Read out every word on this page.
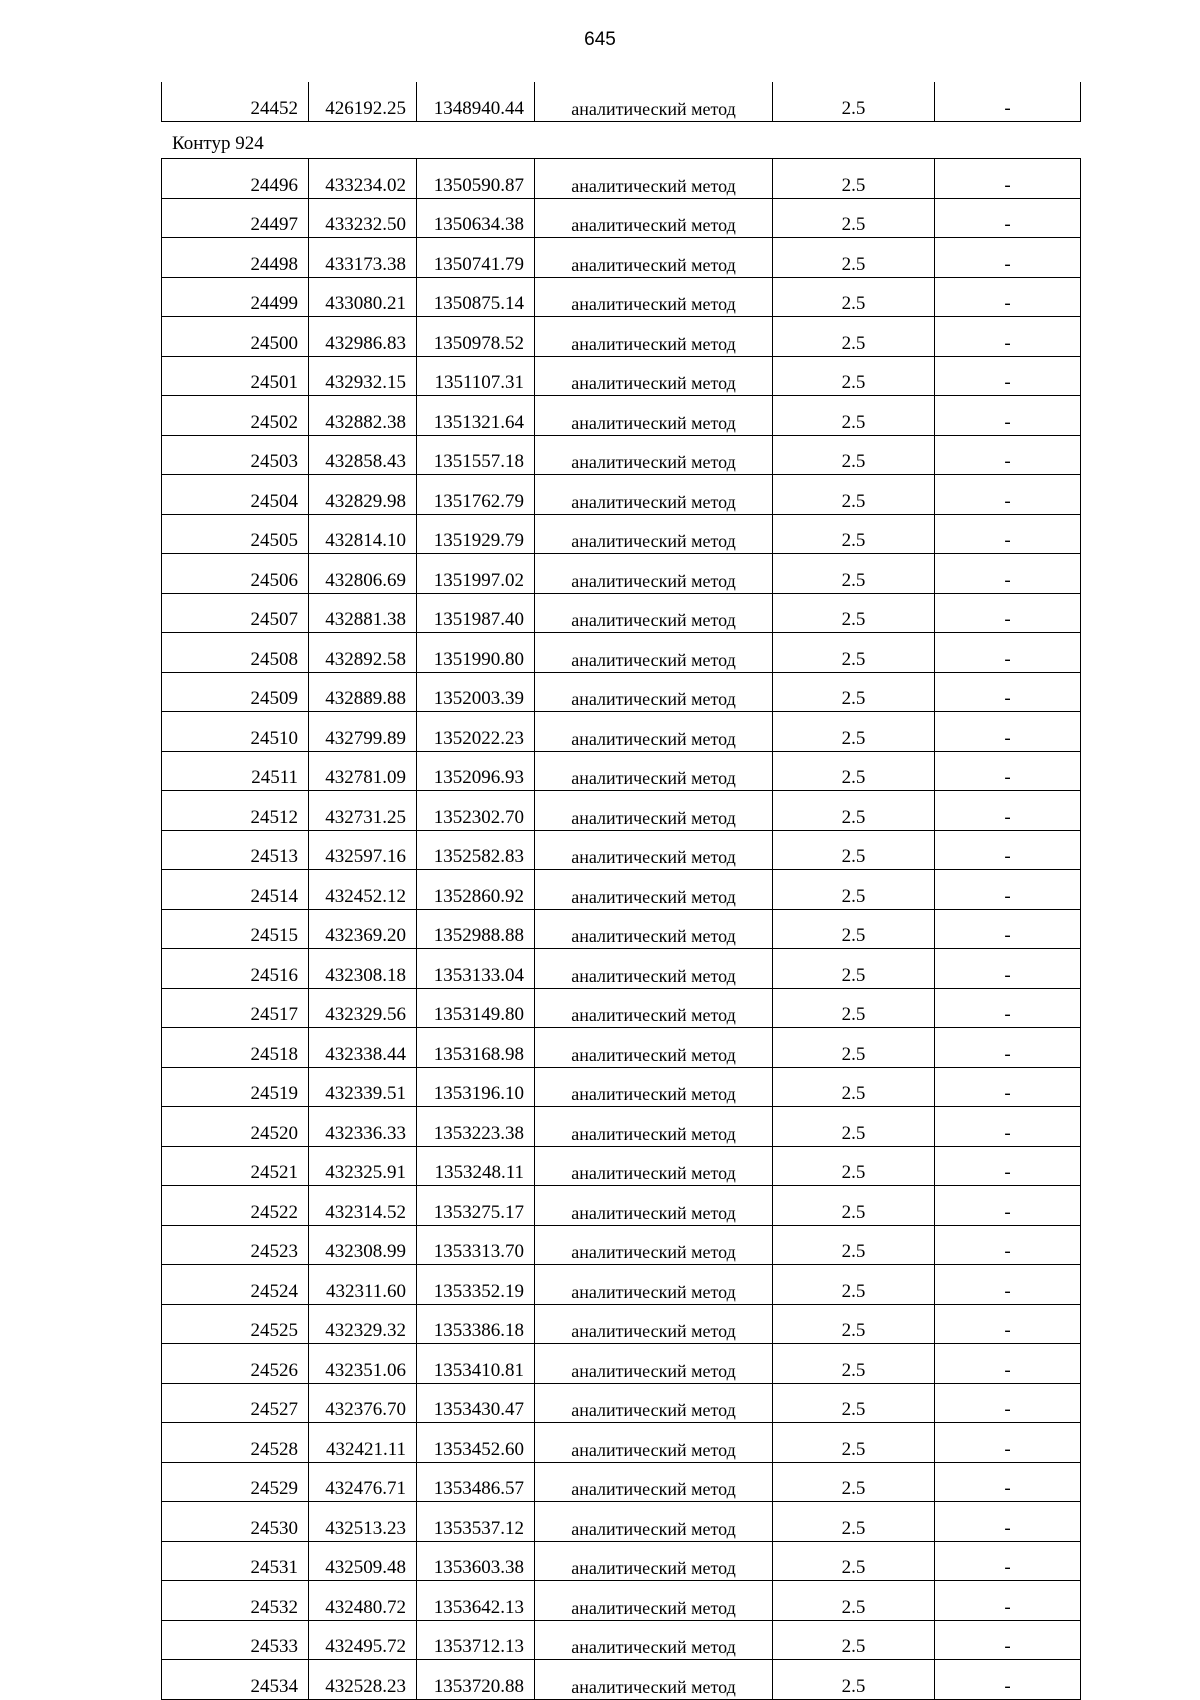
645
24452	426192.25	1348940.44	аналитический метод	2.5	-
Контур 924
24496	433234.02	1350590.87	аналитический метод	2.5	-
24497	433232.50	1350634.38	аналитический метод	2.5	-
24498	433173.38	1350741.79	аналитический метод	2.5	-
24499	433080.21	1350875.14	аналитический метод	2.5	-
24500	432986.83	1350978.52	аналитический метод	2.5	-
24501	432932.15	1351107.31	аналитический метод	2.5	-
24502	432882.38	1351321.64	аналитический метод	2.5	-
24503	432858.43	1351557.18	аналитический метод	2.5	-
24504	432829.98	1351762.79	аналитический метод	2.5	-
24505	432814.10	1351929.79	аналитический метод	2.5	-
24506	432806.69	1351997.02	аналитический метод	2.5	-
24507	432881.38	1351987.40	аналитический метод	2.5	-
24508	432892.58	1351990.80	аналитический метод	2.5	-
24509	432889.88	1352003.39	аналитический метод	2.5	-
24510	432799.89	1352022.23	аналитический метод	2.5	-
24511	432781.09	1352096.93	аналитический метод	2.5	-
24512	432731.25	1352302.70	аналитический метод	2.5	-
24513	432597.16	1352582.83	аналитический метод	2.5	-
24514	432452.12	1352860.92	аналитический метод	2.5	-
24515	432369.20	1352988.88	аналитический метод	2.5	-
24516	432308.18	1353133.04	аналитический метод	2.5	-
24517	432329.56	1353149.80	аналитический метод	2.5	-
24518	432338.44	1353168.98	аналитический метод	2.5	-
24519	432339.51	1353196.10	аналитический метод	2.5	-
24520	432336.33	1353223.38	аналитический метод	2.5	-
24521	432325.91	1353248.11	аналитический метод	2.5	-
24522	432314.52	1353275.17	аналитический метод	2.5	-
24523	432308.99	1353313.70	аналитический метод	2.5	-
24524	432311.60	1353352.19	аналитический метод	2.5	-
24525	432329.32	1353386.18	аналитический метод	2.5	-
24526	432351.06	1353410.81	аналитический метод	2.5	-
24527	432376.70	1353430.47	аналитический метод	2.5	-
24528	432421.11	1353452.60	аналитический метод	2.5	-
24529	432476.71	1353486.57	аналитический метод	2.5	-
24530	432513.23	1353537.12	аналитический метод	2.5	-
24531	432509.48	1353603.38	аналитический метод	2.5	-
24532	432480.72	1353642.13	аналитический метод	2.5	-
24533	432495.72	1353712.13	аналитический метод	2.5	-
24534	432528.23	1353720.88	аналитический метод	2.5	-
